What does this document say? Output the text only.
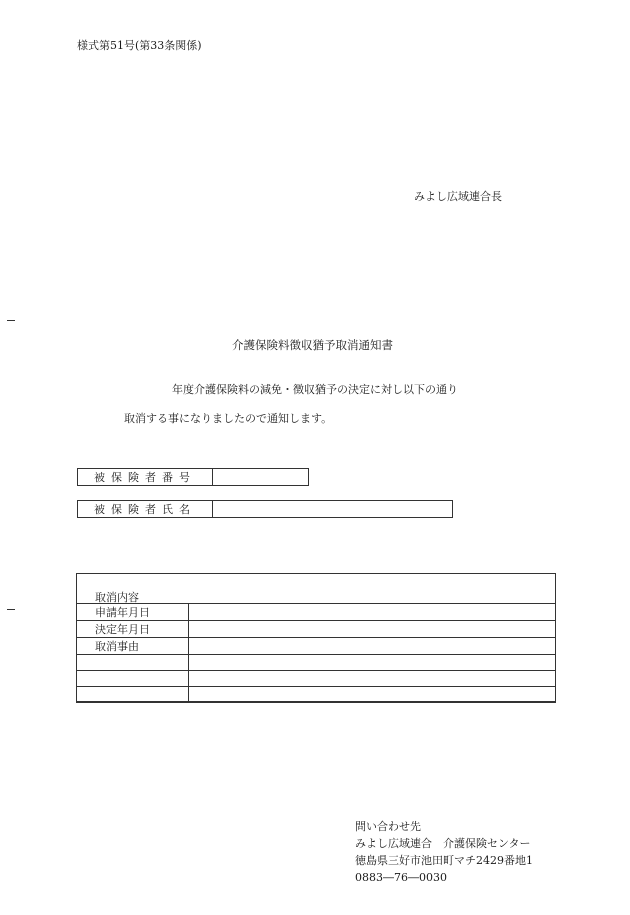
様式第51号(第33条関係)
みよし広域連合長
介護保険料徴収猶予取消通知書
年度介護保険料の減免・徴収猶予の決定に対し以下の通り
取消する事になりましたので通知します。
被保険者番号	
被保険者氏名	
取消内容
申請年月日	
決定年月日	
取消事由	

問い合わせ先
みよし広域連合　介護保険センター
徳島県三好市池田町マチ2429番地1
0883―76―0030
